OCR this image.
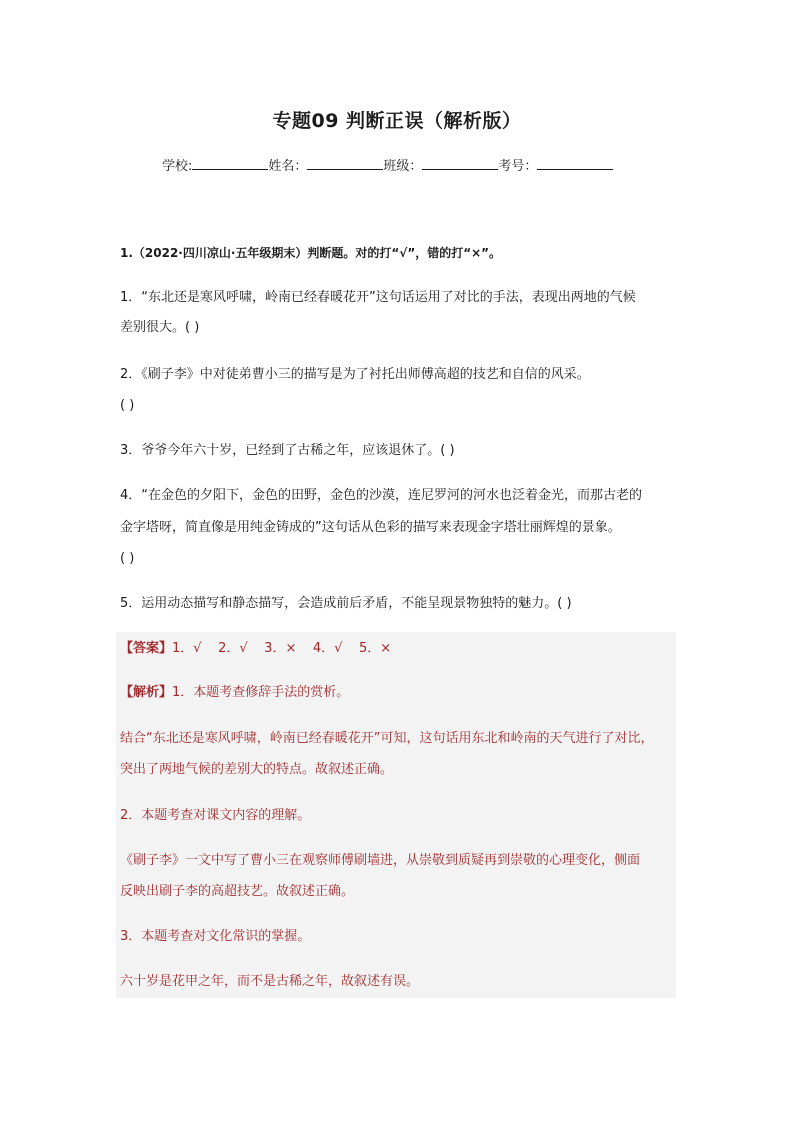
专题09 判断正误（解析版）
学校:	姓名：	班级：	考号：
1.（2022·四川凉山·五年级期末）判断题。对的打“√”，错的打“×”。
1．“东北还是寒风呼啸，岭南已经春暖花开”这句话运用了对比的手法，表现出两地的气候
差别很大。( )
2．《刷子李》中对徒弟曹小三的描写是为了衬托出师傅高超的技艺和自信的风采。
( )
3．爷爷今年六十岁，已经到了古稀之年，应该退休了。( )
4．“在金色的夕阳下，金色的田野，金色的沙漠，连尼罗河的河水也泛着金光，而那古老的
金字塔呀，简直像是用纯金铸成的”这句话从色彩的描写来表现金字塔壮丽辉煌的景象。
( )
5．运用动态描写和静态描写，会造成前后矛盾，不能呈现景物独特的魅力。( )
【答案】1．√    2．√    3．×    4．√    5．×
【解析】1．本题考查修辞手法的赏析。
结合“东北还是寒风呼啸，岭南已经春暖花开”可知，这句话用东北和岭南的天气进行了对比，
突出了两地气候的差别大的特点。故叙述正确。
2．本题考查对课文内容的理解。
《刷子李》一文中写了曹小三在观察师傅刷墙进，从崇敬到质疑再到崇敬的心理变化，侧面
反映出刷子李的高超技艺。故叙述正确。
3．本题考查对文化常识的掌握。
六十岁是花甲之年，而不是古稀之年，故叙述有误。
